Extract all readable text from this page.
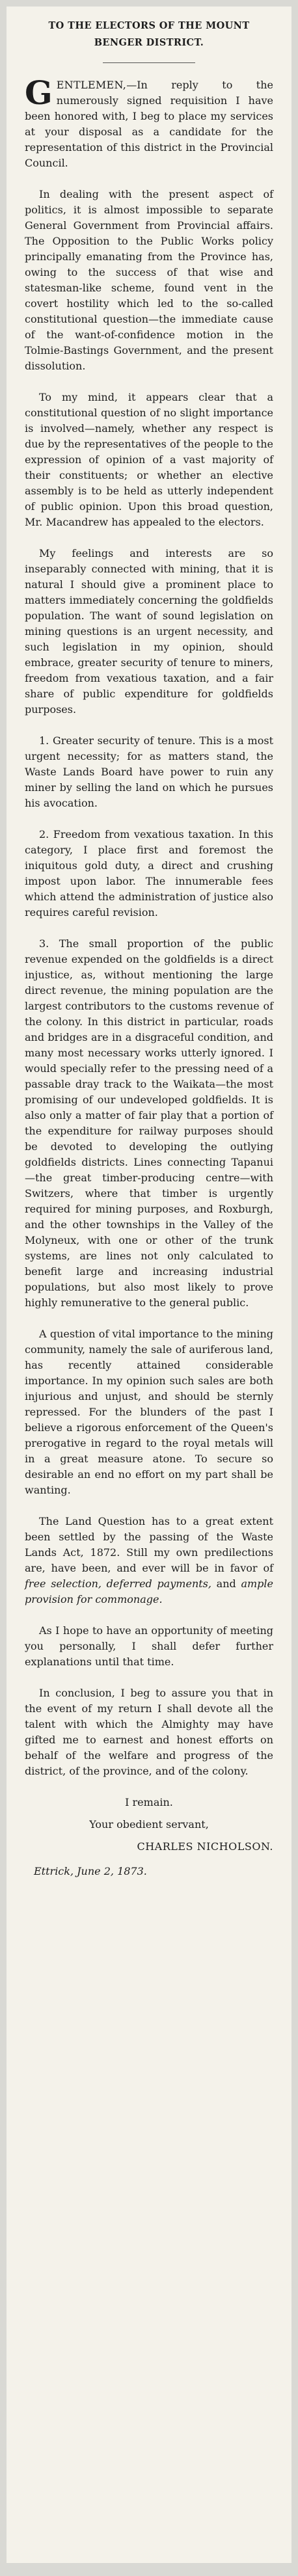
TO THE ELECTORS OF THE MOUNT
BENGER DISTRICT.

GENTLEMEN,—In reply to the numerously signed requisition I have been honored with, I beg to place my services at your disposal as a candidate for the representation of this district in the Provincial Council.

In dealing with the present aspect of politics, it is almost impossible to separate General Government from Provincial affairs. The Opposition to the Public Works policy principally emanating from the Province has, owing to the success of that wise and statesman-like scheme, found vent in the covert hostility which led to the so-called constitutional question—the immediate cause of the want-of-confidence motion in the Tolmie-Bastings Government, and the present dissolution.

To my mind, it appears clear that a constitutional question of no slight importance is involved—namely, whether any respect is due by the representatives of the people to the expression of opinion of a vast majority of their constituents; or whether an elective assembly is to be held as utterly independent of public opinion. Upon this broad question, Mr. Macandrew has appealed to the electors.

My feelings and interests are so inseparably connected with mining, that it is natural I should give a prominent place to matters immediately concerning the goldfields population. The want of sound legislation on mining questions is an urgent necessity, and such legislation in my opinion, should embrace, greater security of tenure to miners, freedom from vexatious taxation, and a fair share of public expenditure for goldfields purposes.

1. Greater security of tenure. This is a most urgent necessity; for as matters stand, the Waste Lands Board have power to ruin any miner by selling the land on which he pursues his avocation.

2. Freedom from vexatious taxation. In this category, I place first and foremost the iniquitous gold duty, a direct and crushing impost upon labor. The innumerable fees which attend the administration of justice also requires careful revision.

3. The small proportion of the public revenue expended on the goldfields is a direct injustice, as, without mentioning the large direct revenue, the mining population are the largest contributors to the customs revenue of the colony. In this district in particular, roads and bridges are in a disgraceful condition, and many most necessary works utterly ignored. I would specially refer to the pressing need of a passable dray track to the Waikata—the most promising of our undeveloped goldfields. It is also only a matter of fair play that a portion of the expenditure for railway purposes should be devoted to developing the outlying goldfields districts. Lines connecting Tapanui—the great timber-producing centre—with Switzers, where that timber is urgently required for mining purposes, and Roxburgh, and the other townships in the Valley of the Molyneux, with one or other of the trunk systems, are lines not only calculated to benefit large and increasing industrial populations, but also most likely to prove highly remunerative to the general public.

A question of vital importance to the mining community, namely the sale of auriferous land, has recently attained considerable importance. In my opinion such sales are both injurious and unjust, and should be sternly repressed. For the blunders of the past I believe a rigorous enforcement of the Queen's prerogative in regard to the royal metals will in a great measure atone. To secure so desirable an end no effort on my part shall be wanting.

The Land Question has to a great extent been settled by the passing of the Waste Lands Act, 1872. Still my own predilections are, have been, and ever will be in favor of free selection, deferred payments, and ample provision for commonage.

As I hope to have an opportunity of meeting you personally, I shall defer further explanations until that time.

In conclusion, I beg to assure you that in the event of my return I shall devote all the talent with which the Almighty may have gifted me to earnest and honest efforts on behalf of the welfare and progress of the district, of the province, and of the colony.

I remain.
Your obedient servant,
CHARLES NICHOLSON.
Ettrick, June 2, 1873.
